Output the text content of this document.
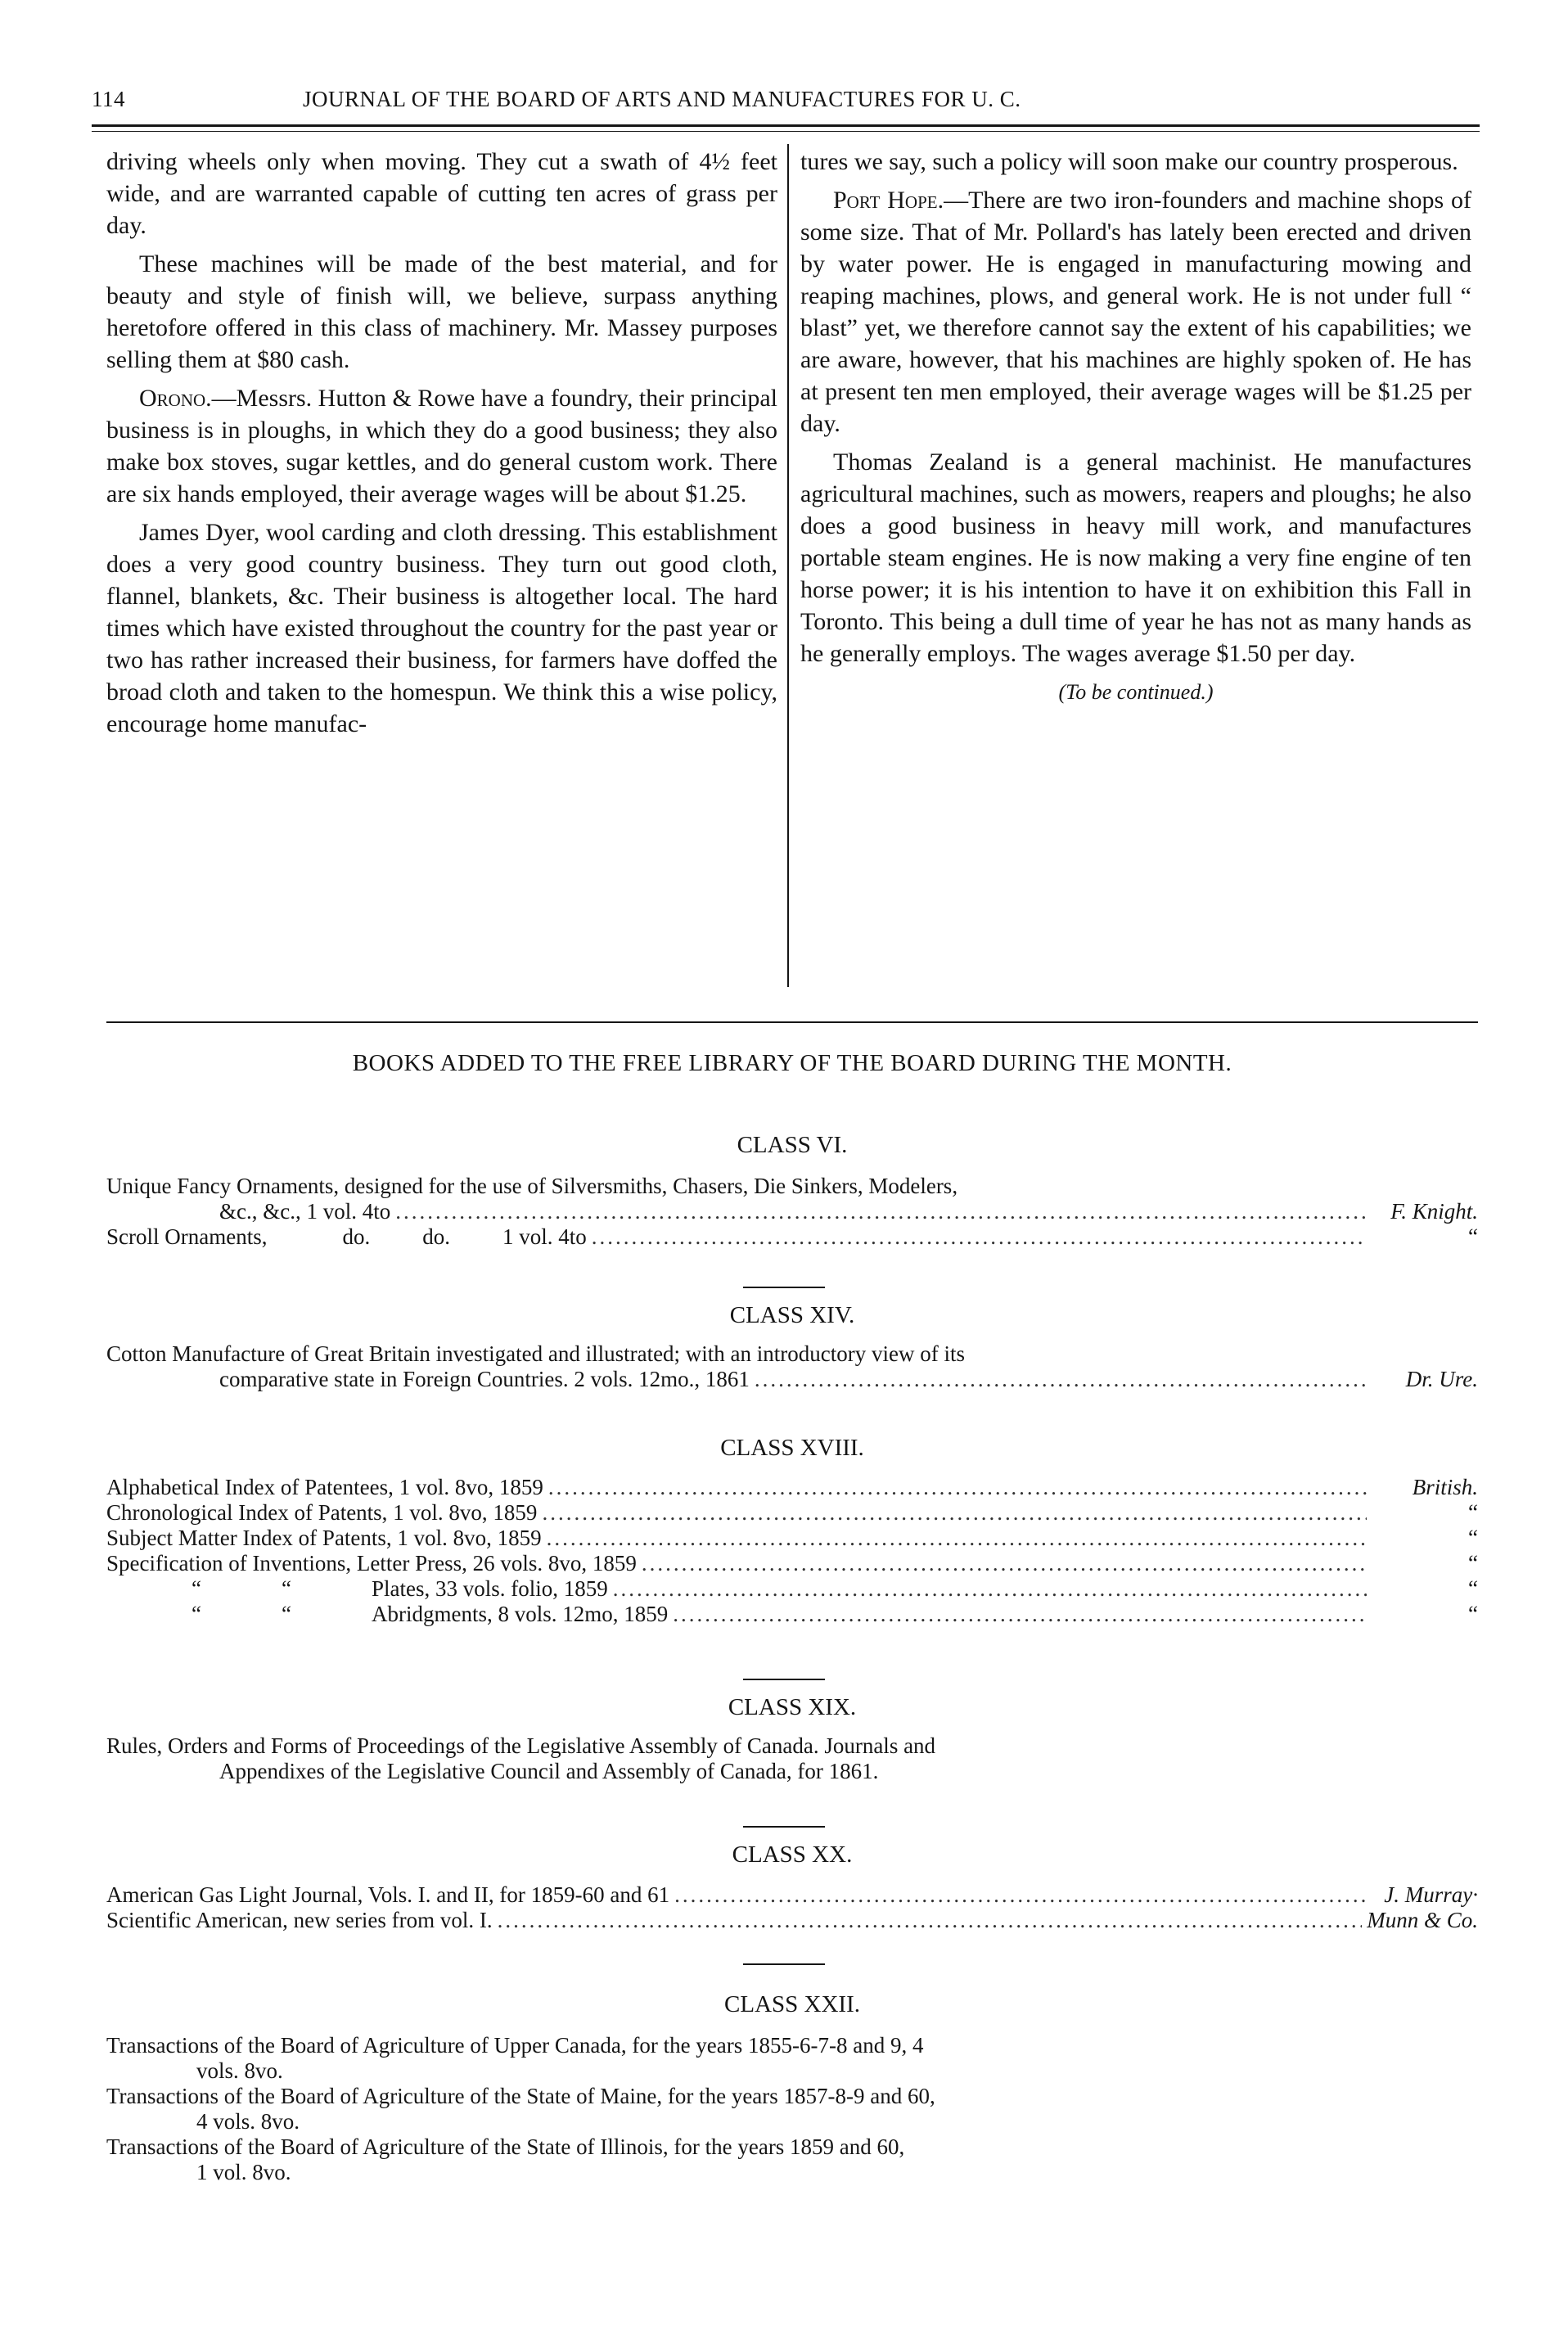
114	JOURNAL OF THE BOARD OF ARTS AND MANUFACTURES FOR U. C.

driving wheels only when moving. They cut a swath of 4½ feet wide, and are warranted capable of cutting ten acres of grass per day.

These machines will be made of the best material, and for beauty and style of finish will, we believe, surpass anything heretofore offered in this class of machinery. Mr. Massey purposes selling them at $80 cash.

Orono.—Messrs. Hutton & Rowe have a foundry, their principal business is in ploughs, in which they do a good business; they also make box stoves, sugar kettles, and do general custom work. There are six hands employed, their average wages will be about $1.25.

James Dyer, wool carding and cloth dressing. This establishment does a very good country business. They turn out good cloth, flannel, blankets, &c. Their business is altogether local. The hard times which have existed throughout the country for the past year or two has rather increased their business, for farmers have doffed the broad cloth and taken to the homespun. We think this a wise policy, encourage home manufac-

tures we say, such a policy will soon make our country prosperous.

Port Hope.—There are two iron-founders and machine shops of some size. That of Mr. Pollard's has lately been erected and driven by water power. He is engaged in manufacturing mowing and reaping machines, plows, and general work. He is not under full “ blast” yet, we therefore cannot say the extent of his capabilities; we are aware, however, that his machines are highly spoken of. He has at present ten men employed, their average wages will be $1.25 per day.

Thomas Zealand is a general machinist. He manufactures agricultural machines, such as mowers, reapers and ploughs; he also does a good business in heavy mill work, and manufactures portable steam engines. He is now making a very fine engine of ten horse power; it is his intention to have it on exhibition this Fall in Toronto. This being a dull time of year he has not as many hands as he generally employs. The wages average $1.50 per day.

(To be continued.)
BOOKS ADDED TO THE FREE LIBRARY OF THE BOARD DURING THE MONTH.
CLASS VI.
Unique Fancy Ornaments, designed for the use of Silversmiths, Chasers, Die Sinkers, Modelers,
&c., &c., 1 vol. 4to .....	F. Knight.
Scroll Ornaments,	do. do. 1 vol. 4to .....	“
CLASS XIV.
Cotton Manufacture of Great Britain investigated and illustrated; with an introductory view of its
comparative state in Foreign Countries. 2 vols. 12mo., 1861 .....	Dr. Ure.
CLASS XVIII.
Alphabetical Index of Patentees, 1 vol. 8vo, 1859 .....	British.
Chronological Index of Patents, 1 vol. 8vo, 1859 .....	“
Subject Matter Index of Patents, 1 vol. 8vo, 1859 .....	“
Specification of Inventions, Letter Press, 26 vols. 8vo, 1859 .....	“
“	“	Plates, 33 vols. folio, 1859 .....	“
“	“	Abridgments, 8 vols. 12mo, 1859 .....	“
CLASS XIX.
Rules, Orders and Forms of Proceedings of the Legislative Assembly of Canada. Journals and
Appendixes of the Legislative Council and Assembly of Canada, for 1861.
CLASS XX.
American Gas Light Journal, Vols. I. and II, for 1859-60 and 61 .....	J. Murray·
Scientific American, new series from vol. I. .....	Munn & Co.
CLASS XXII.
Transactions of the Board of Agriculture of Upper Canada, for the years 1855-6-7-8 and 9, 4
vols. 8vo.
Transactions of the Board of Agriculture of the State of Maine, for the years 1857-8-9 and 60,
4 vols. 8vo.
Transactions of the Board of Agriculture of the State of Illinois, for the years 1859 and 60,
1 vol. 8vo.
